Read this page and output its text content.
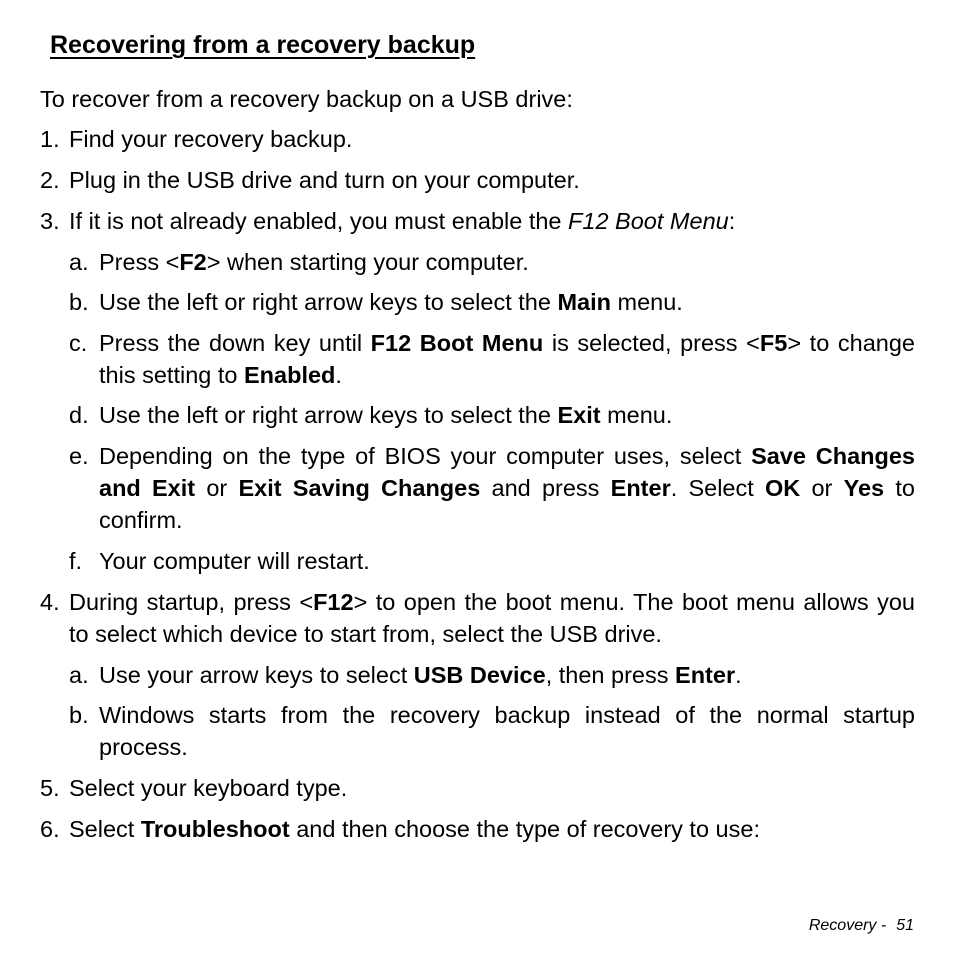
Recovering from a recovery backup
To recover from a recovery backup on a USB drive:
1. Find your recovery backup.
2. Plug in the USB drive and turn on your computer.
3. If it is not already enabled, you must enable the F12 Boot Menu:
a. Press <F2> when starting your computer.
b. Use the left or right arrow keys to select the Main menu.
c. Press the down key until F12 Boot Menu is selected, press <F5> to change this setting to Enabled.
d. Use the left or right arrow keys to select the Exit menu.
e. Depending on the type of BIOS your computer uses, select Save Changes and Exit or Exit Saving Changes and press Enter. Select OK or Yes to confirm.
f. Your computer will restart.
4. During startup, press <F12> to open the boot menu. The boot menu allows you to select which device to start from, select the USB drive.
a. Use your arrow keys to select USB Device, then press Enter.
b. Windows starts from the recovery backup instead of the normal startup process.
5. Select your keyboard type.
6. Select Troubleshoot and then choose the type of recovery to use:
Recovery - 51
